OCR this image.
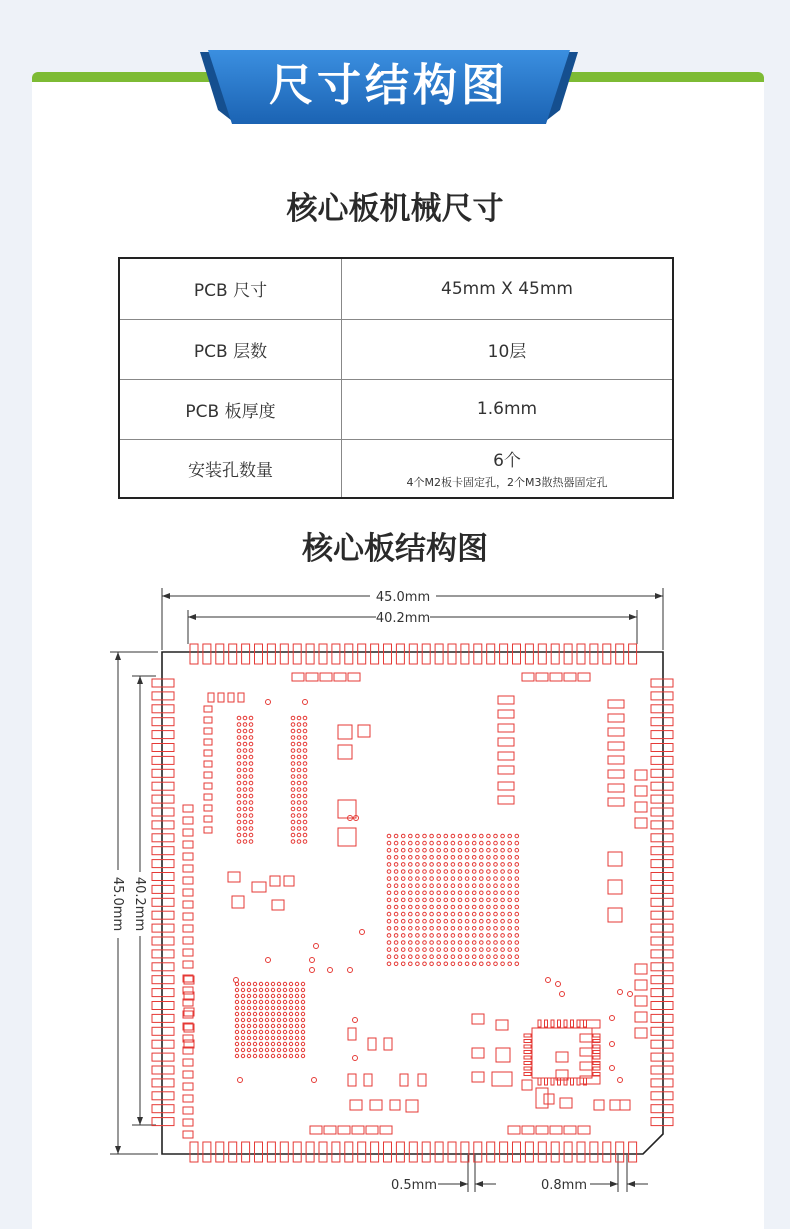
尺寸结构图
核心板机械尺寸
PCB 尺寸	45mm X 45mm
PCB 层数	10层
PCB 板厚度	1.6mm
安装孔数量	6个
4个M2板卡固定孔，2个M3散热器固定孔
核心板结构图
45.0mm
40.2mm
45.0mm 40.2mm
0.5mm	0.8mm
